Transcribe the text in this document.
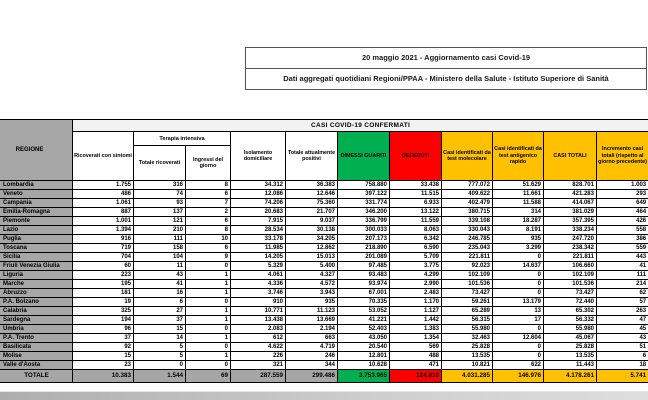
20 maggio 2021 - Aggiornamento casi Covid-19
Dati aggregati quotidiani Regioni/PPAA - Ministero della Salute - Istituto Superiore di Sanità
REGIONE	CASI COVID-19 CONFERMATI										
	Ricoverati con sintomi	Terapia intensiva		Isolamento domiciliare	Totale attualmente positivi	DIMESSI GUARITI	DECEDUTI	Casi identificati da test molecolare	Casi identificati da test antigenico rapido	CASI TOTALI	Incremento casi totali (rispetto al giorno precedente)
		Totale ricoverati	Ingressi del giorno								
Lombardia	1.755	316	8	34.312	36.383	758.880	33.438	777.072	51.629	828.701	1.003
Veneto	486	74	6	12.086	12.646	397.122	11.515	409.622	11.661	421.283	293
Campania	1.061	93	7	74.206	75.360	331.774	6.933	402.479	11.588	414.067	649
Emilia-Romagna	887	137	2	20.683	21.707	346.200	13.122	380.715	314	381.029	464
Piemonte	1.001	121	6	7.915	9.037	336.799	11.559	339.108	18.287	357.395	426
Lazio	1.394	210	8	28.534	30.138	300.033	8.063	330.043	8.191	338.234	558
Puglia	916	111	10	33.178	34.205	207.173	6.342	246.785	935	247.720	386
Toscana	719	158	6	11.985	12.862	218.890	6.590	235.043	3.299	238.342	559
Sicilia	704	104	9	14.205	15.013	201.089	5.709	221.811	0	221.811	443
Friuli Venezia Giulia	60	11	0	5.329	5.400	97.485	3.775	92.023	14.637	106.660	41
Liguria	223	43	1	4.061	4.327	93.483	4.299	102.109	0	102.109	111
Marche	195	41	1	4.336	4.572	93.974	2.990	101.536	0	101.536	214
Abruzzo	181	16	1	3.746	3.943	67.001	2.483	73.427	0	73.427	62
P.A. Bolzano	19	6	0	910	935	70.335	1.170	59.261	13.179	72.440	57
Calabria	325	27	1	10.771	11.123	53.052	1.127	65.289	13	65.302	263
Sardegna	194	37	1	13.438	13.669	41.221	1.442	56.315	17	56.332	47
Umbria	96	15	0	2.083	2.194	52.403	1.383	55.980	0	55.980	45
P.A. Trento	37	14	1	612	663	43.050	1.354	32.463	12.604	45.067	43
Basilicata	92	5	0	4.622	4.719	20.540	569	25.828	0	25.828	51
Molise	15	5	1	226	246	12.801	488	13.535	0	13.535	6
Valle d'Aosta	23	0	0	321	344	10.628	471	10.821	622	11.443	18
TOTALE	10.383	1.544	69	287.559	299.486	3.753.965	124.810	4.031.285	146.976	4.178.261	5.741
